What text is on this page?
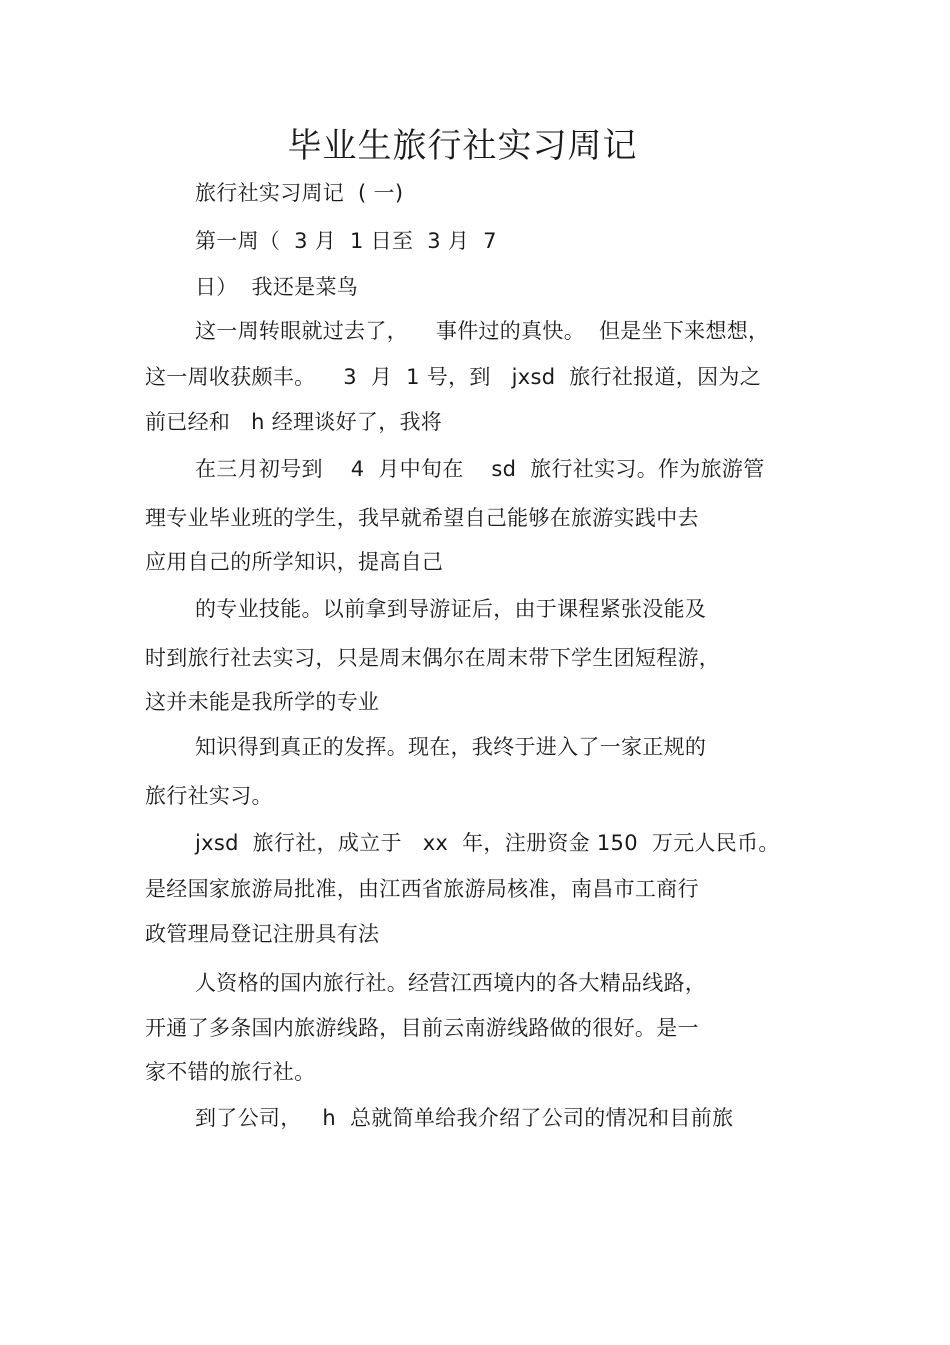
毕业生旅行社实习周记
旅行社实习周记  ( 一)
第一周（  3 月  1 日至  3 月  7
日）  我还是菜鸟
这一周转眼就过去了，    事件过的真快。  但是坐下来想想，
这一周收获颇丰。    3  月  1 号，到   jxsd  旅行社报道，因为之
前已经和   h 经理谈好了，我将
在三月初号到    4  月中旬在    sd  旅行社实习。作为旅游管
理专业毕业班的学生，我早就希望自己能够在旅游实践中去
应用自己的所学知识，提高自己
的专业技能。以前拿到导游证后，由于课程紧张没能及
时到旅行社去实习，只是周末偶尔在周末带下学生团短程游，
这并未能是我所学的专业
知识得到真正的发挥。现在，我终于进入了一家正规的
旅行社实习。
jxsd  旅行社，成立于   xx  年，注册资金 150  万元人民币。
是经国家旅游局批准，由江西省旅游局核准，南昌市工商行
政管理局登记注册具有法
人资格的国内旅行社。经营江西境内的各大精品线路，
开通了多条国内旅游线路，目前云南游线路做的很好。是一
家不错的旅行社。
到了公司，   h  总就简单给我介绍了公司的情况和目前旅
